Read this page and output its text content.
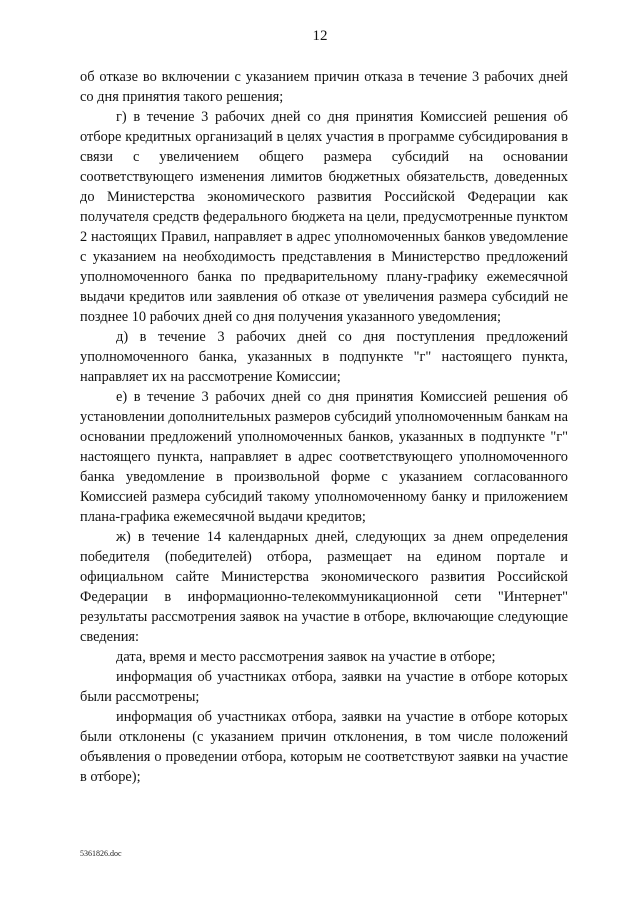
12

об отказе во включении с указанием причин отказа в течение 3 рабочих дней со дня принятия такого решения;

г) в течение 3 рабочих дней со дня принятия Комиссией решения об отборе кредитных организаций в целях участия в программе субсидирования в связи с увеличением общего размера субсидий на основании соответствующего изменения лимитов бюджетных обязательств, доведенных до Министерства экономического развития Российской Федерации как получателя средств федерального бюджета на цели, предусмотренные пунктом 2 настоящих Правил, направляет в адрес уполномоченных банков уведомление с указанием на необходимость представления в Министерство предложений уполномоченного банка по предварительному плану-графику ежемесячной выдачи кредитов или заявления об отказе от увеличения размера субсидий не позднее 10 рабочих дней со дня получения указанного уведомления;

д) в течение 3 рабочих дней со дня поступления предложений уполномоченного банка, указанных в подпункте "г" настоящего пункта, направляет их на рассмотрение Комиссии;

е) в течение 3 рабочих дней со дня принятия Комиссией решения об установлении дополнительных размеров субсидий уполномоченным банкам на основании предложений уполномоченных банков, указанных в подпункте "г" настоящего пункта, направляет в адрес соответствующего уполномоченного банка уведомление в произвольной форме с указанием согласованного Комиссией размера субсидий такому уполномоченному банку и приложением плана-графика ежемесячной выдачи кредитов;

ж) в течение 14 календарных дней, следующих за днем определения победителя (победителей) отбора, размещает на едином портале и официальном сайте Министерства экономического развития Российской Федерации в информационно-телекоммуникационной сети "Интернет" результаты рассмотрения заявок на участие в отборе, включающие следующие сведения:

дата, время и место рассмотрения заявок на участие в отборе;

информация об участниках отбора, заявки на участие в отборе которых были рассмотрены;

информация об участниках отбора, заявки на участие в отборе которых были отклонены (с указанием причин отклонения, в том числе положений объявления о проведении отбора, которым не соответствуют заявки на участие в отборе);

5361826.doc
